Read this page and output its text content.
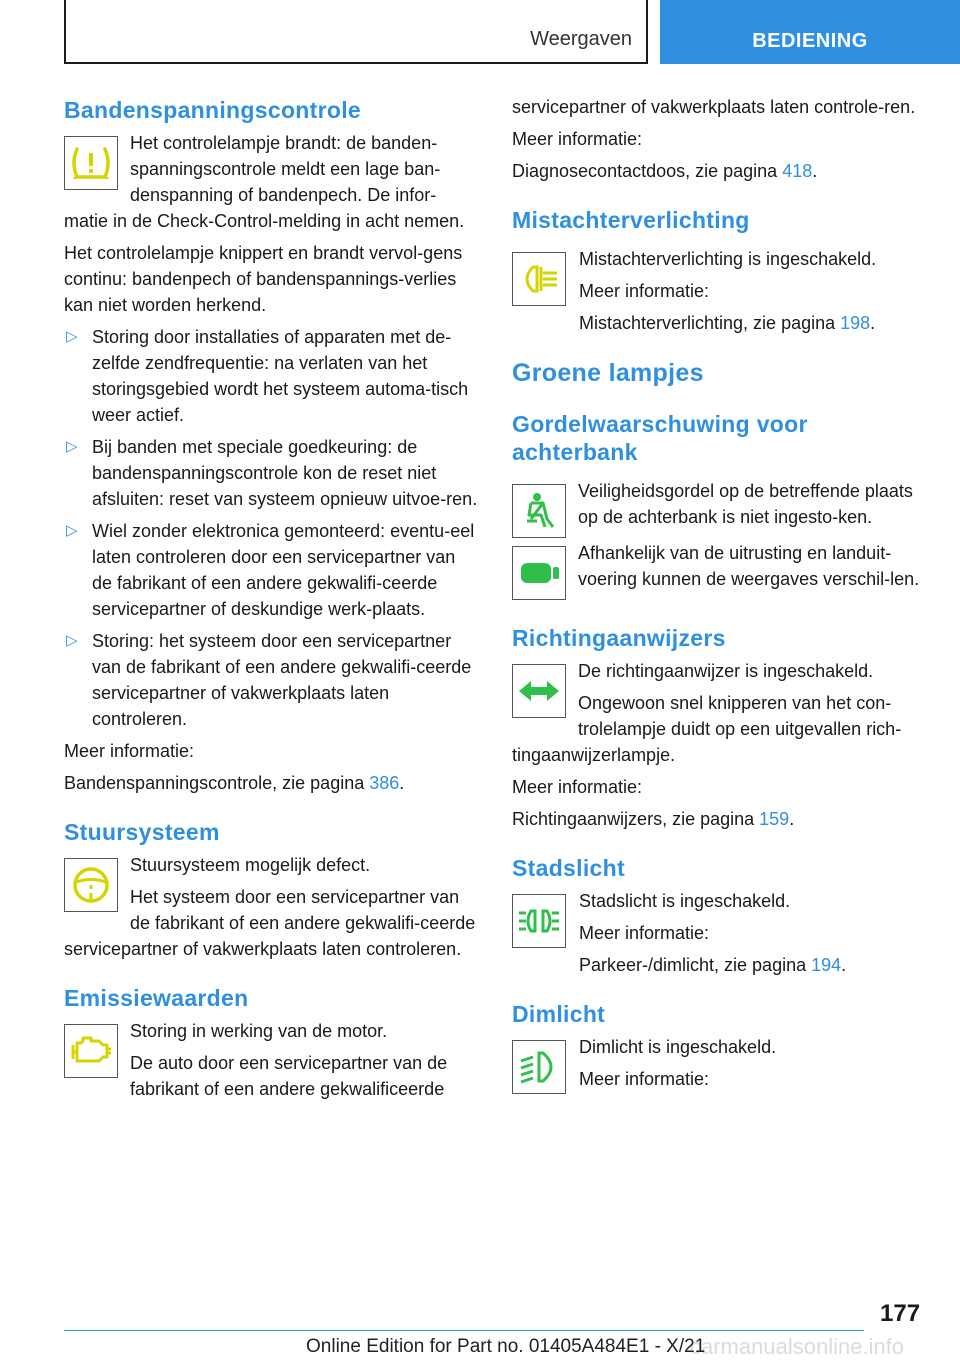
Weergaven	BEDIENING
Bandenspanningscontrole

Het controlelampje brandt: de banden-spanningscontrole meldt een lage ban-denspanning of bandenpech. De infor-matie in de Check-Control-melding in acht nemen.

Het controlelampje knippert en brandt vervol-gens continu: bandenpech of bandenspannings-verlies kan niet worden herkend.

▷ Storing door installaties of apparaten met de-zelfde zendfrequentie: na verlaten van het storingsgebied wordt het systeem automa-tisch weer actief.
▷ Bij banden met speciale goedkeuring: de bandenspanningscontrole kon de reset niet afsluiten: reset van systeem opnieuw uitvoe-ren.
▷ Wiel zonder elektronica gemonteerd: eventu-eel laten controleren door een servicepartner van de fabrikant of een andere gekwalifi-ceerde servicepartner of deskundige werk-plaats.
▷ Storing: het systeem door een servicepartner van de fabrikant of een andere gekwalifi-ceerde servicepartner of vakwerkplaats laten controleren.

Meer informatie:

Bandenspanningscontrole, zie pagina 386.

Stuursysteem

Stuursysteem mogelijk defect.

Het systeem door een servicepartner van de fabrikant of een andere gekwalifi-ceerde servicepartner of vakwerkplaats laten controleren.

Emissiewaarden

Storing in werking van de motor.

De auto door een servicepartner van de fabrikant of een andere gekwalificeerde

servicepartner of vakwerkplaats laten controle-ren.

Meer informatie:

Diagnosecontactdoos, zie pagina 418.

Mistachterverlichting

Mistachterverlichting is ingeschakeld.

Meer informatie:

Mistachterverlichting, zie pagina 198.

Groene lampjes
Gordelwaarschuwing voor achterbank

Veiligheidsgordel op de betreffende plaats op de achterbank is niet ingesto-ken.

Afhankelijk van de uitrusting en landuit-voering kunnen de weergaves verschil-len.

Richtingaanwijzers

De richtingaanwijzer is ingeschakeld.

Ongewoon snel knipperen van het con-trolelampje duidt op een uitgevallen rich-tingaanwijzerlampje.

Meer informatie:

Richtingaanwijzers, zie pagina 159.

Stadslicht

Stadslicht is ingeschakeld.

Meer informatie:

Parkeer-/dimlicht, zie pagina 194.

Dimlicht

Dimlicht is ingeschakeld.

Meer informatie:

177
carmanualsonline.info
Online Edition for Part no. 01405A484E1 - X/21
